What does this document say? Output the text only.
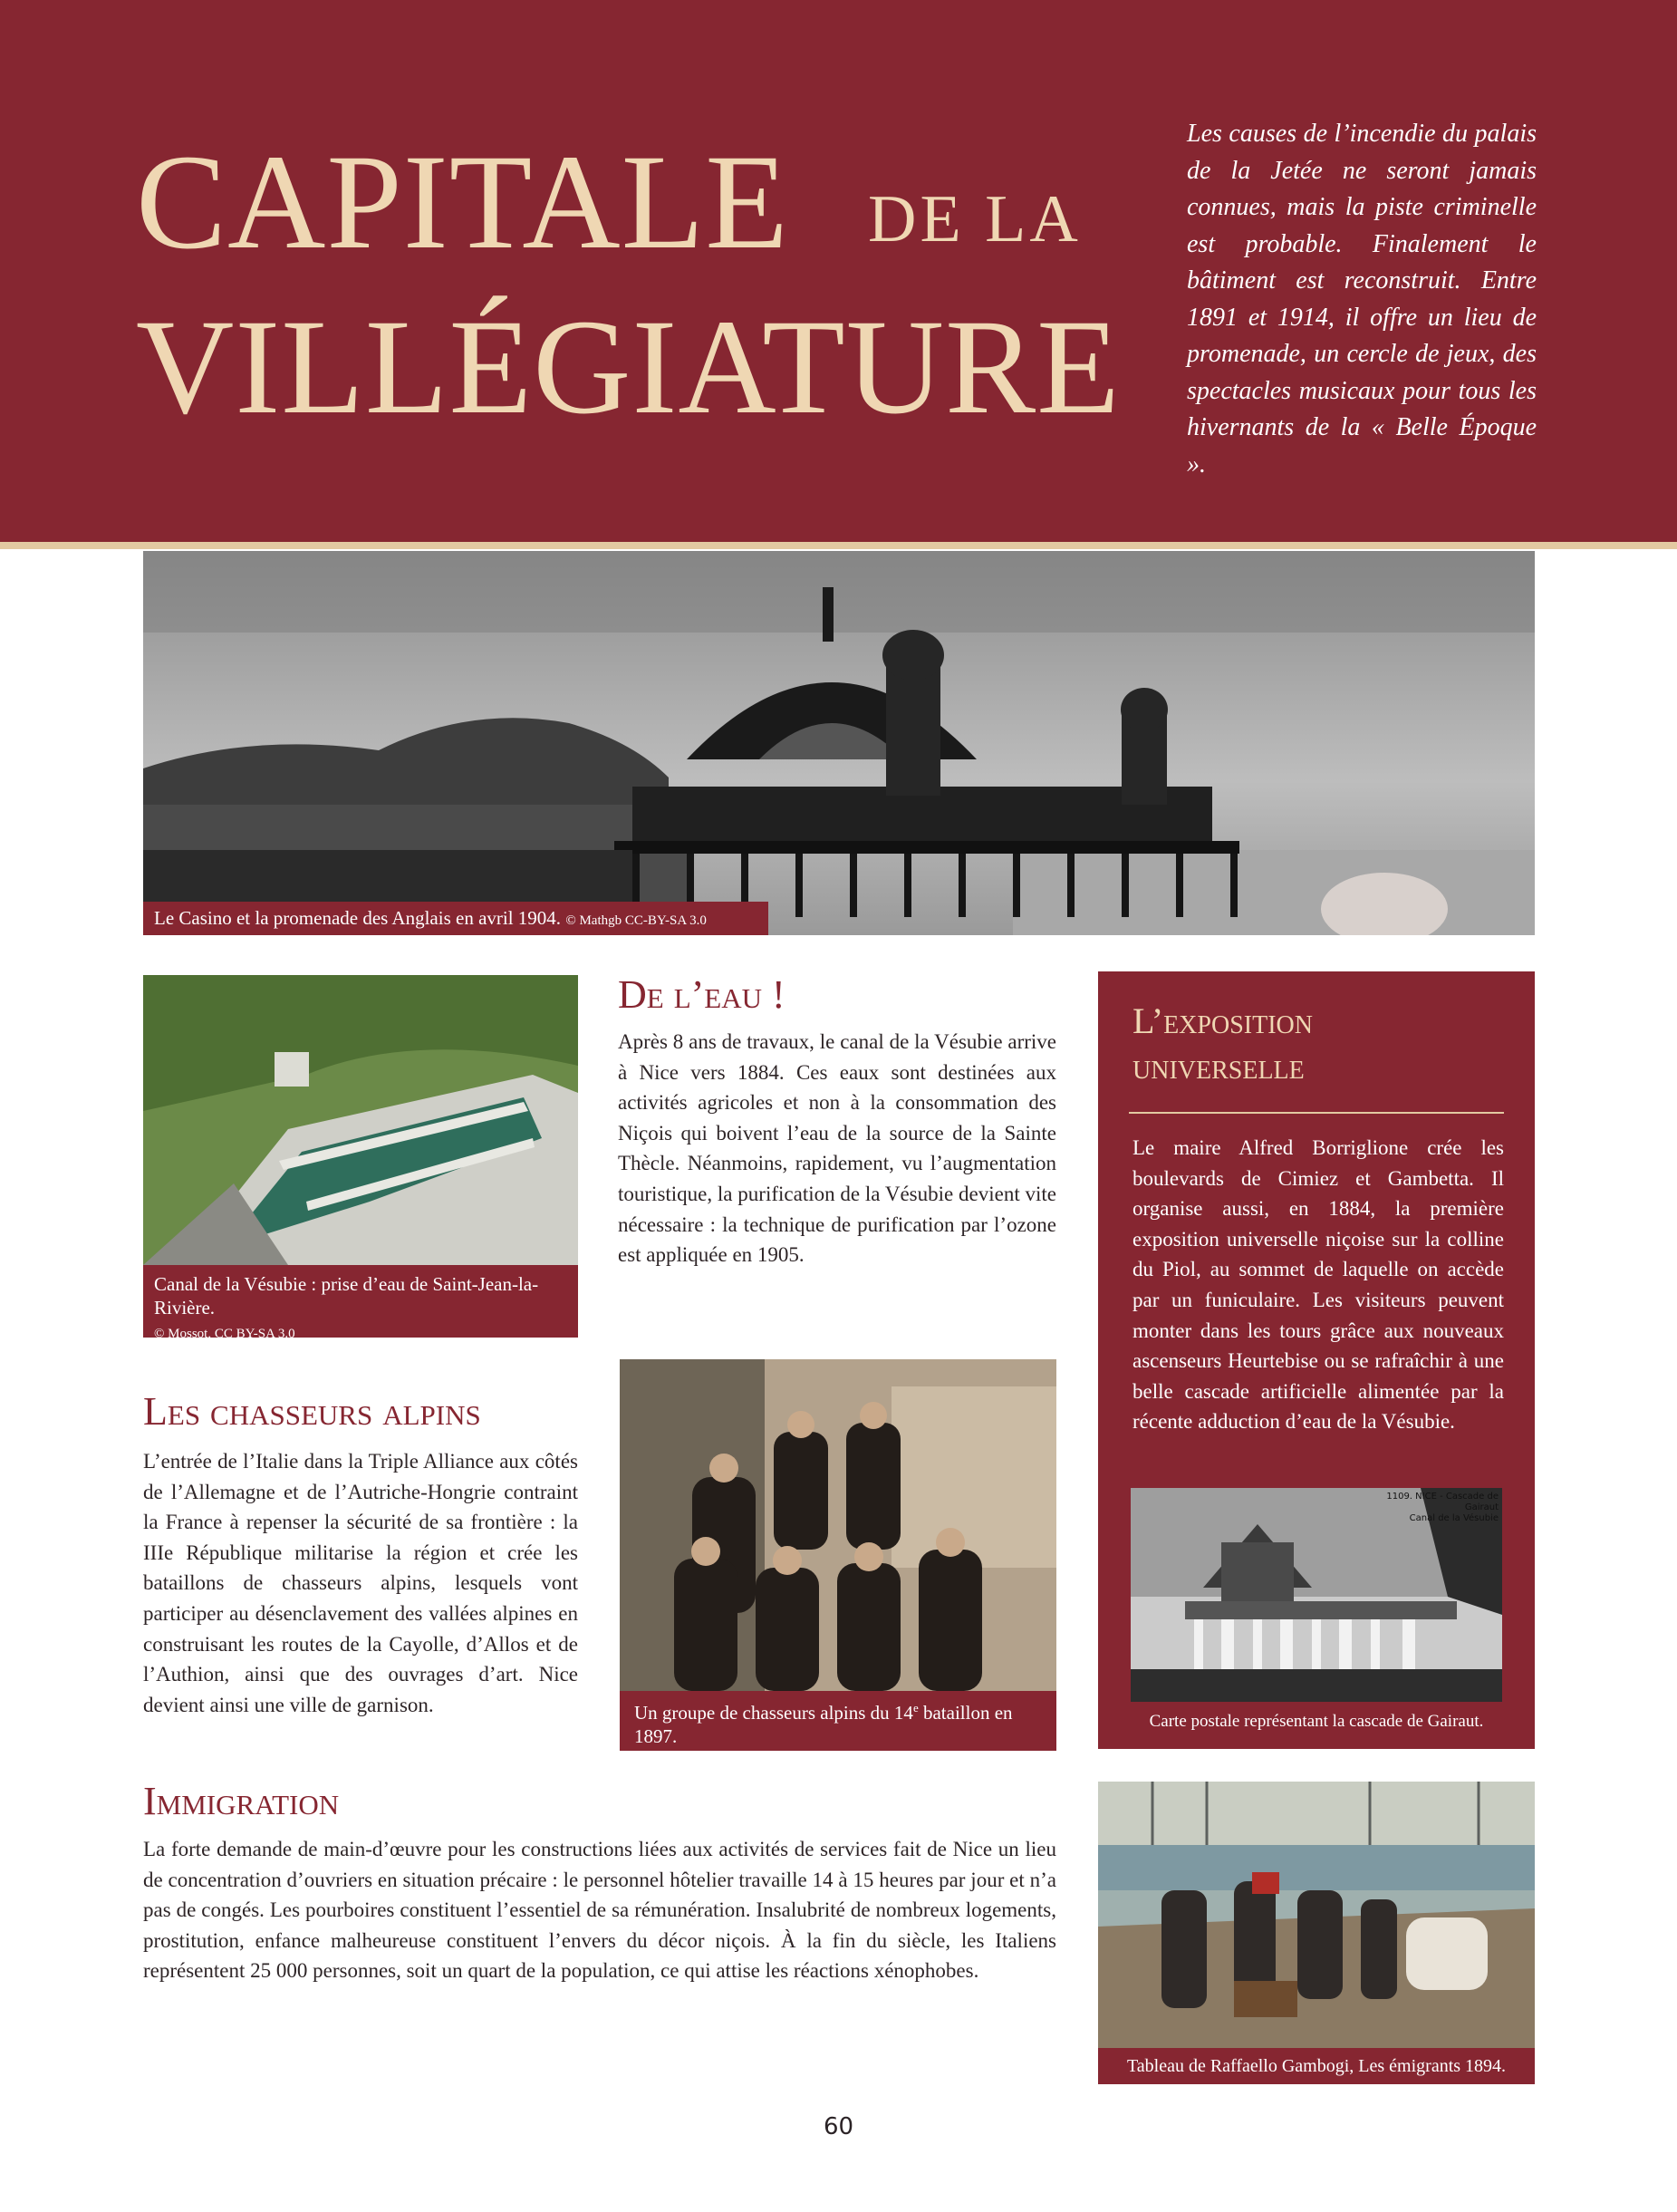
CAPITALE DE LA
VILLÉGIATURE

Les causes de l’incendie du palais de la Jetée ne seront jamais connues, mais la piste criminelle est probable. Finalement le bâtiment est reconstruit. Entre 1891 et 1914, il offre un lieu de promenade, un cercle de jeux, des spectacles musicaux pour tous les hivernants de la « Belle Époque ».

Le Casino et la promenade des Anglais en avril 1904. © Mathgb CC-BY-SA 3.0
Canal de la Vésubie : prise d’eau de Saint-Jean-la-Rivière.
© Mossot, CC BY-SA 3.0
De l’eau !

Après 8 ans de travaux, le canal de la Vésubie arrive à Nice vers 1884. Ces eaux sont destinées aux activités agricoles et non à la consommation des Niçois qui boivent l’eau de la source de la Sainte Thècle. Néanmoins, rapidement, vu l’augmentation touristique, la purification de la Vésubie devient vite nécessaire : la technique de purification par l’ozone est appliquée en 1905.

L’exposition
universelle

Le maire Alfred Borriglione crée les boulevards de Cimiez et Gambetta. Il organise aussi, en 1884, la première exposition universelle niçoise sur la colline du Piol, au sommet de laquelle on accède par un funiculaire. Les visiteurs peuvent monter dans les tours grâce aux nouveaux ascenseurs Heurtebise ou se rafraîchir à une belle cascade artificielle alimentée par la récente adduction d’eau de la Vésubie.

1109. NICE - Cascade de Gairaut
Canal de la Vésubie
Carte postale représentant la cascade de Gairaut.
Les chasseurs alpins

L’entrée de l’Italie dans la Triple Alliance aux côtés de l’Allemagne et de l’Autriche-Hongrie contraint la France à repenser la sécurité de sa frontière : la IIIe République militarise la région et crée les bataillons de chasseurs alpins, lesquels vont participer au désenclavement des vallées alpines en construisant les routes de la Cayolle, d’Allos et de l’Authion, ainsi que des ouvrages d’art. Nice devient ainsi une ville de garnison.	Un groupe de chasseurs alpins du 14e bataillon en 1897.
Immigration

La forte demande de main-d’œuvre pour les constructions liées aux activités de services fait de Nice un lieu de concentration d’ouvriers en situation précaire : le personnel hôtelier travaille 14 à 15 heures par jour et n’a pas de congés. Les pourboires constituent l’essentiel de sa rémunération. Insalubrité de nombreux logements, prostitution, enfance malheureuse constituent l’envers du décor niçois. À la fin du siècle, les Italiens représentent 25 000 personnes, soit un quart de la population, ce qui attise les réactions xénophobes.

Tableau de Raffaello Gambogi, Les émigrants 1894.
60
